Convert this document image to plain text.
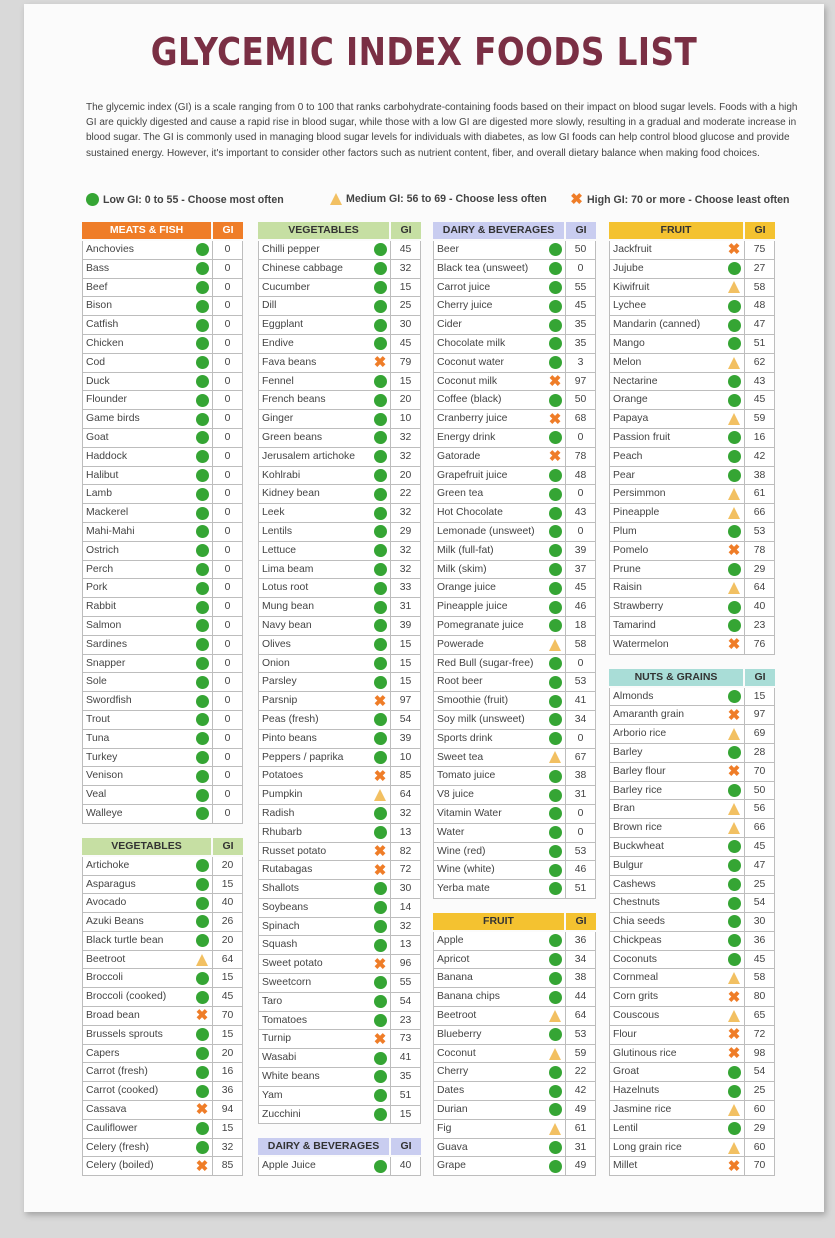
GLYCEMIC INDEX FOODS LIST
The glycemic index (GI) is a scale ranging from 0 to 100 that ranks carbohydrate-containing foods based on their impact on blood sugar levels. Foods with a high GI are quickly digested and cause a rapid rise in blood sugar, while those with a low GI are digested more slowly, resulting in a gradual and moderate increase in blood sugar. The GI is commonly used in managing blood sugar levels for individuals with diabetes, as low GI foods can help control blood glucose and provide sustained energy. However, it's important to consider other factors such as nutrient content, fiber, and overall dietary balance when making food choices.
Low GI: 0 to 55 - Choose most often	Medium GI: 56 to 69 - Choose less often ✖ High GI: 70 or more - Choose least often
MEATS & FISH	GI
Anchovies	0
Bass	0
Beef	0
Bison	0
Catfish	0
Chicken	0
Cod	0
Duck	0
Flounder	0
Game birds	0
Goat	0
Haddock	0
Halibut	0
Lamb	0
Mackerel	0
Mahi-Mahi	0
Ostrich	0
Perch	0
Pork	0
Rabbit	0
Salmon	0
Sardines	0
Snapper	0
Sole	0
Swordfish	0
Trout	0
Tuna	0
Turkey	0
Venison	0
Veal	0
Walleye	0
VEGETABLES	GI
Artichoke	20
Asparagus	15
Avocado	40
Azuki Beans	26
Black turtle bean	20
Beetroot	64
Broccoli	15
Broccoli (cooked)	45
Broad bean	✖	70
Brussels sprouts	15
Capers	20
Carrot (fresh)	16
Carrot (cooked)	36
Cassava	✖	94
Cauliflower	15
Celery (fresh)	32
Celery (boiled)	✖	85
VEGETABLES	GI
Chilli pepper	45
Chinese cabbage	32
Cucumber	15
Dill	25
Eggplant	30
Endive	45
Fava beans	✖	79
Fennel	15
French beans	20
Ginger	10
Green beans	32
Jerusalem artichoke	32
Kohlrabi	20
Kidney bean	22
Leek	32
Lentils	29
Lettuce	32
Lima beam	32
Lotus root	33
Mung bean	31
Navy bean	39
Olives	15
Onion	15
Parsley	15
Parsnip	✖	97
Peas (fresh)	54
Pinto beans	39
Peppers / paprika	10
Potatoes	✖	85
Pumpkin	64
Radish	32
Rhubarb	13
Russet potato	✖	82
Rutabagas	✖	72
Shallots	30
Soybeans	14
Spinach	32
Squash	13
Sweet potato	✖	96
Sweetcorn	55
Taro	54
Tomatoes	23
Turnip	✖	73
Wasabi	41
White beans	35
Yam	51
Zucchini	15
DAIRY & BEVERAGES	GI
Apple Juice	40
DAIRY & BEVERAGES	GI
Beer	50
Black tea (unsweet)	0
Carrot juice	55
Cherry juice	45
Cider	35
Chocolate milk	35
Coconut water	3
Coconut milk	✖	97
Coffee (black)	50
Cranberry juice	✖	68
Energy drink	0
Gatorade	✖	78
Grapefruit juice	48
Green tea	0
Hot Chocolate	43
Lemonade (unsweet)	0
Milk (full-fat)	39
Milk (skim)	37
Orange juice	45
Pineapple juice	46
Pomegranate juice	18
Powerade	58
Red Bull (sugar-free)	0
Root beer	53
Smoothie (fruit)	41
Soy milk (unsweet)	34
Sports drink	0
Sweet tea	67
Tomato juice	38
V8 juice	31
Vitamin Water	0
Water	0
Wine (red)	53
Wine (white)	46
Yerba mate	51
FRUIT	GI
Apple	36
Apricot	34
Banana	38
Banana chips	44
Beetroot	64
Blueberry	53
Coconut	59
Cherry	22
Dates	42
Durian	49
Fig	61
Guava	31
Grape	49
FRUIT	GI
Jackfruit	✖	75
Jujube	27
Kiwifruit	58
Lychee	48
Mandarin (canned)	47
Mango	51
Melon	62
Nectarine	43
Orange	45
Papaya	59
Passion fruit	16
Peach	42
Pear	38
Persimmon	61
Pineapple	66
Plum	53
Pomelo	✖	78
Prune	29
Raisin	64
Strawberry	40
Tamarind	23
Watermelon	✖	76
NUTS & GRAINS	GI
Almonds	15
Amaranth grain	✖	97
Arborio rice	69
Barley	28
Barley flour	✖	70
Barley rice	50
Bran	56
Brown rice	66
Buckwheat	45
Bulgur	47
Cashews	25
Chestnuts	54
Chia seeds	30
Chickpeas	36
Coconuts	45
Cornmeal	58
Corn grits	✖	80
Couscous	65
Flour	✖	72
Glutinous rice	✖	98
Groat	54
Hazelnuts	25
Jasmine rice	60
Lentil	29
Long grain rice	60
Millet	✖	70
